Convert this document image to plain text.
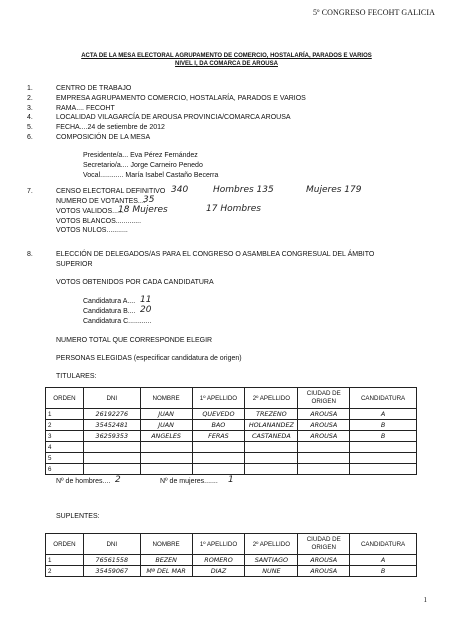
5º CONGRESO FECOHT GALICIA
ACTA DE LA MESA ELECTORAL AGRUPAMENTO DE COMERCIO, HOSTALARÍA, PARADOS E VARIOS
NIVEL I, DA COMARCA DE AROUSA
1.	CENTRO DE TRABAJO
2.	EMPRESA AGRUPAMENTO COMERCIO, HOSTALARÍA, PARADOS E VARIOS
3.	RAMA.... FECOHT
4.	LOCALIDAD VILAGARCÍA DE AROUSA PROVINCIA/COMARCA AROUSA
5.	FECHA....24 de setiembre de 2012
6.	COMPOSICIÓN DE LA MESA
Presidente/a... Eva Pérez Fernández
Secretario/a.... Jorge Carneiro Penedo
Vocal............ María Isabel Castaño Becerra
7.	CENSO ELECTORAL DEFINITIVO 340	Hombres 135	Mujeres 179
NUMERO DE VOTANTES....
35
VOTOS VALIDOS......
18 Mujeres	17 Hombres
VOTOS BLANCOS.............
VOTOS NULOS...........
8.	ELECCIÓN DE DELEGADOS/AS PARA EL CONGRESO O ASAMBLEA CONGRESUAL DEL ÁMBITO
SUPERIOR
VOTOS OBTENIDOS POR CADA CANDIDATURA
Candidatura A.... 11
Candidatura B.... 20
Candidatura C............
NUMERO TOTAL QUE CORRESPONDE ELEGIR
PERSONAS ELEGIDAS (especificar candidatura de origen)
TITULARES:
ORDEN	DNI	NOMBRE	1º APELLIDO	2º APELLIDO	CIUDAD DE ORIGEN	CANDIDATURA
1	26192276	JUAN	QUEVEDO	TREZENO	AROUSA	A
2	35452481	JUAN	BAO	HOLANANDEZ	AROUSA	B
3	36259353	ANGELES	FERAS	CASTANEDA	AROUSA	B
4						
5						
6						
Nº de hombres.... 2	Nº de mujeres....... 1
SUPLENTES:
ORDEN	DNI	NOMBRE	1º APELLIDO	2º APELLIDO	CIUDAD DE ORIGEN	CANDIDATURA
1	76561558	BEZEN	ROMERO	SANTIAGO	AROUSA	A
2	35459067	Mª DEL MAR	DIAZ	NUNE	AROUSA	B
1
